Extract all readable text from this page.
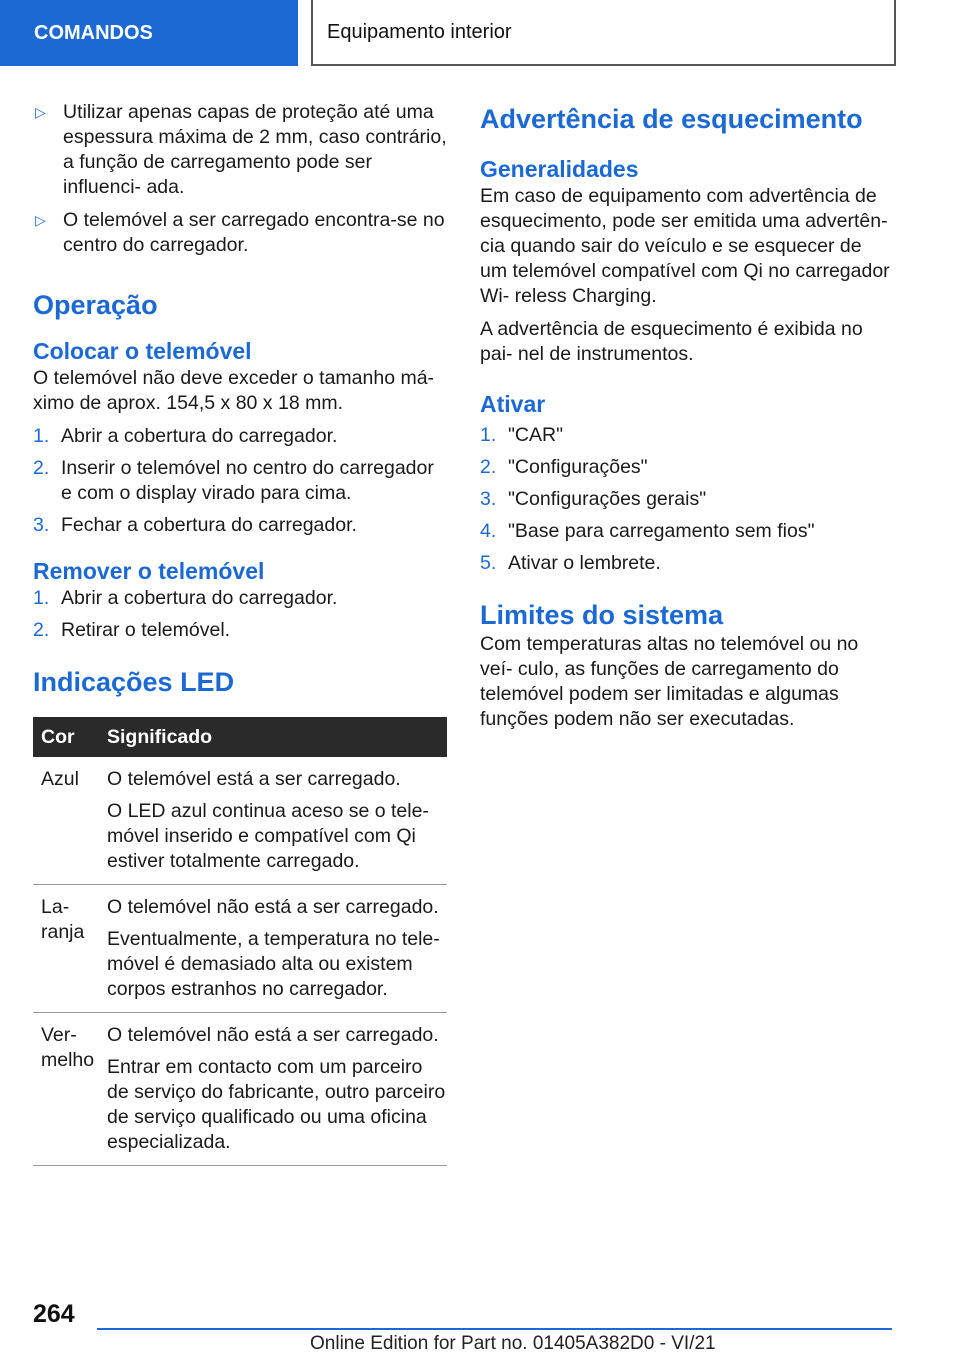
COMANDOS	Equipamento interior
▷ Utilizar apenas capas de proteção até uma espessura máxima de 2 mm, caso contrário, a função de carregamento pode ser influenci‐ ada.
▷ O telemóvel a ser carregado encontra-se no centro do carregador.
Operação
Colocar o telemóvel

O telemóvel não deve exceder o tamanho má‐ ximo de aprox. 154,5 x 80 x 18 mm.

1. Abrir a cobertura do carregador.
2. Inserir o telemóvel no centro do carregador e com o display virado para cima.
3. Fechar a cobertura do carregador.
Remover o telemóvel
1. Abrir a cobertura do carregador.
2. Retirar o telemóvel.
Indicações LED
Cor	Significado
Azul	O telemóvel está a ser carregado.

O LED azul continua aceso se o tele‐ móvel inserido e compatível com Qi estiver totalmente carregado.

La‐ ranja	O telemóvel não está a ser carregado.

Eventualmente, a temperatura no tele‐ móvel é demasiado alta ou existem corpos estranhos no carregador.

Ver‐ melho	O telemóvel não está a ser carregado.

Entrar em contacto com um parceiro de serviço do fabricante, outro parceiro de serviço qualificado ou uma oficina especializada.

Advertência de esquecimento
Generalidades

Em caso de equipamento com advertência de esquecimento, pode ser emitida uma advertên‐ cia quando sair do veículo e se esquecer de um telemóvel compatível com Qi no carregador Wi‐ reless Charging.

A advertência de esquecimento é exibida no pai‐ nel de instrumentos.

Ativar
1. "CAR"
2. "Configurações"
3. "Configurações gerais"
4. "Base para carregamento sem fios"
5. Ativar o lembrete.
Limites do sistema

Com temperaturas altas no telemóvel ou no veí‐ culo, as funções de carregamento do telemóvel podem ser limitadas e algumas funções podem não ser executadas.

264
Online Edition for Part no. 01405A382D0 - VI/21
